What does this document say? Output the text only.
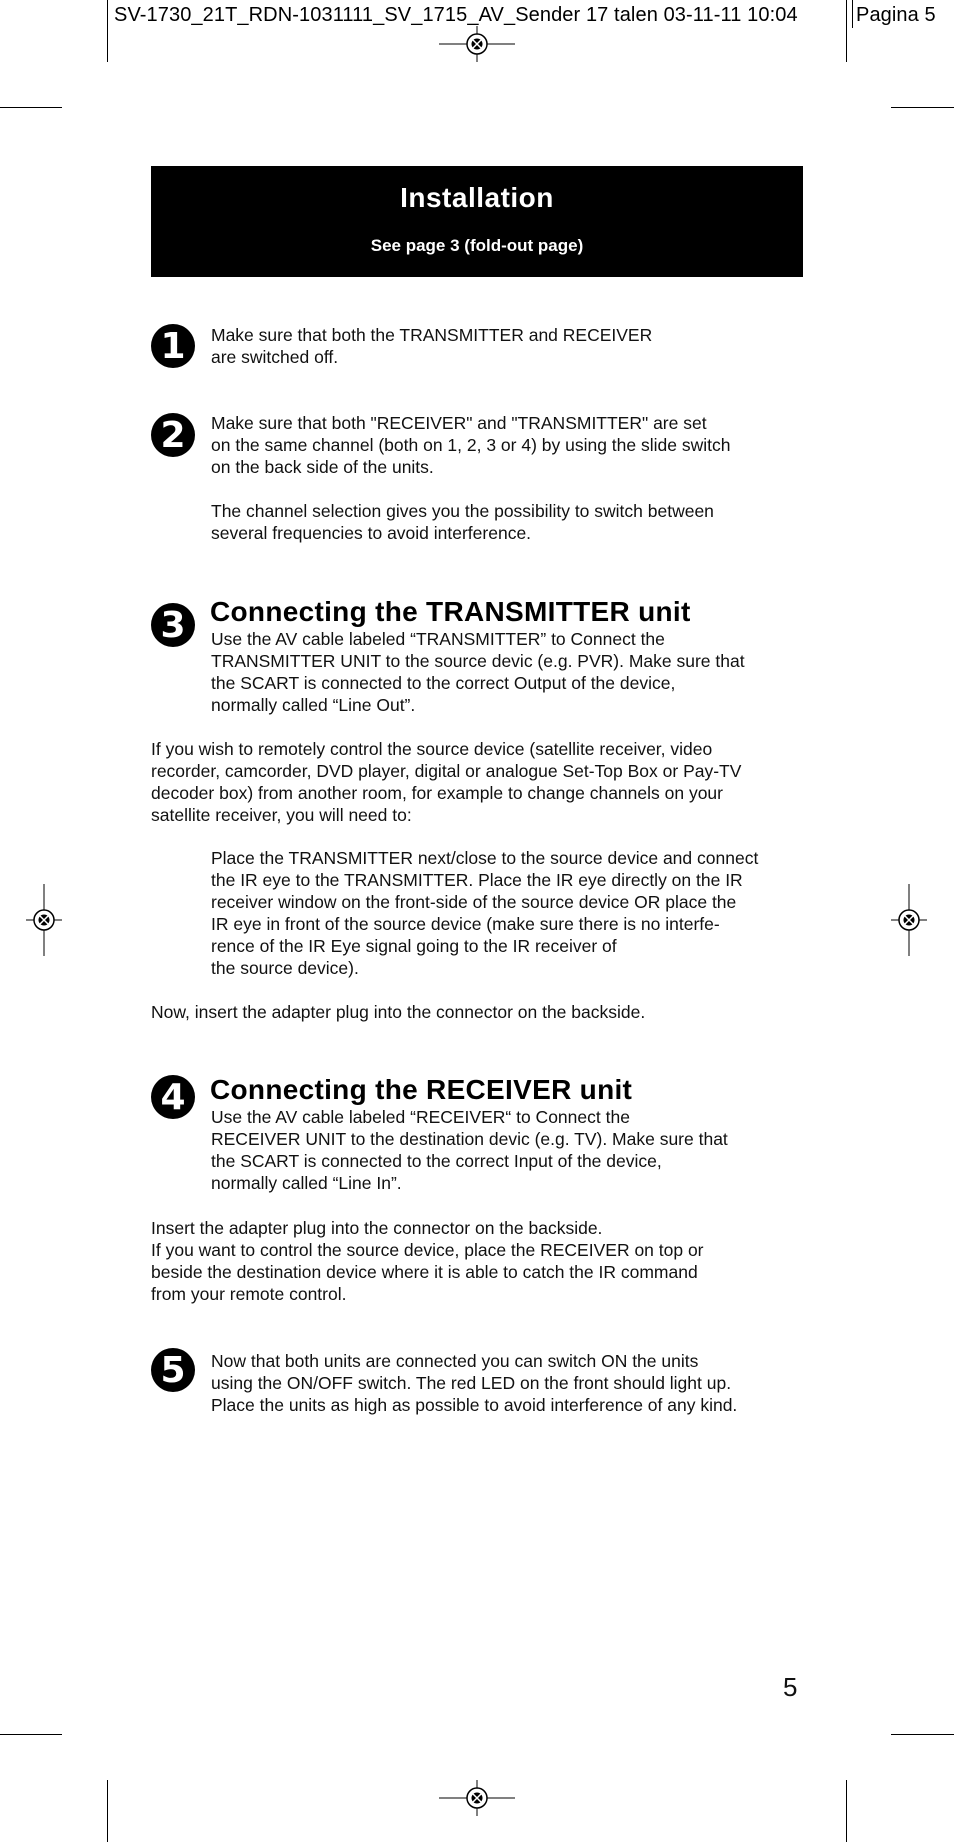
SV-1730_21T_RDN-1031111_SV_1715_AV_Sender 17 talen 03-11-11 10:04	Pagina 5
Installation
See page 3 (fold-out page)
1	Make sure that both the TRANSMITTER and RECEIVER
are switched off.
2	Make sure that both "RECEIVER" and "TRANSMITTER" are set
on the same channel (both on 1, 2, 3 or 4) by using the slide switch
on the back side of the units.
The channel selection gives you the possibility to switch between
several frequencies to avoid interference.
3 Connecting the TRANSMITTER unit
Use the AV cable labeled “TRANSMITTER” to Connect the
TRANSMITTER UNIT to the source devic (e.g. PVR). Make sure that
the SCART is connected to the correct Output of the device,
normally called “Line Out”.
If you wish to remotely control the source device (satellite receiver, video
recorder, camcorder, DVD player, digital or analogue Set-Top Box or Pay-TV
decoder box) from another room, for example to change channels on your
satellite receiver, you will need to:
Place the TRANSMITTER next/close to the source device and connect
the IR eye to the TRANSMITTER. Place the IR eye directly on the IR
receiver window on the front-side of the source device OR place the
IR eye in front of the source device (make sure there is no interfe-
rence of the IR Eye signal going to the IR receiver of
the source device).
Now, insert the adapter plug into the connector on the backside.
4 Connecting the RECEIVER unit
Use the AV cable labeled “RECEIVER“ to Connect the
RECEIVER UNIT to the destination devic (e.g. TV). Make sure that
the SCART is connected to the correct Input of the device,
normally called “Line In”.
Insert the adapter plug into the connector on the backside.
If you want to control the source device, place the RECEIVER on top or
beside the destination device where it is able to catch the IR command
from your remote control.
5	Now that both units are connected you can switch ON the units
using the ON/OFF switch. The red LED on the front should light up.
Place the units as high as possible to avoid interference of any kind.
5
